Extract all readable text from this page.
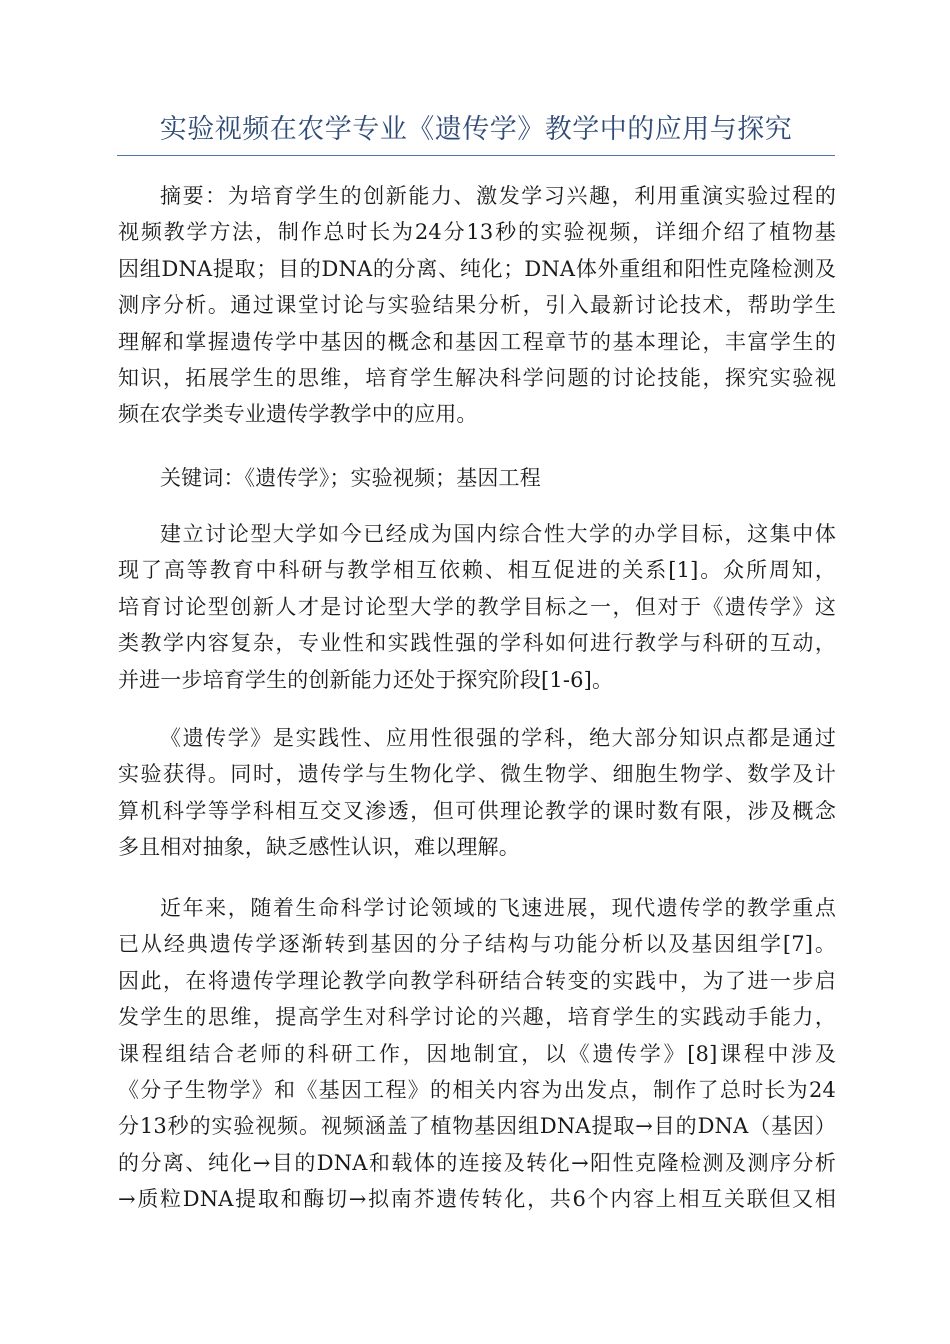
实验视频在农学专业《遗传学》教学中的应用与探究
摘要：为培育学生的创新能力、激发学习兴趣，利用重演实验过程的
视频教学方法，制作总时长为24分13秒的实验视频，详细介绍了植物基
因组DNA提取；目的DNA的分离、纯化；DNA体外重组和阳性克隆检测及
测序分析。通过课堂讨论与实验结果分析，引入最新讨论技术，帮助学生
理解和掌握遗传学中基因的概念和基因工程章节的基本理论，丰富学生的
知识，拓展学生的思维，培育学生解决科学问题的讨论技能，探究实验视
频在农学类专业遗传学教学中的应用。
关键词：《遗传学》；实验视频；基因工程
建立讨论型大学如今已经成为国内综合性大学的办学目标，这集中体
现了高等教育中科研与教学相互依赖、相互促进的关系[1]。众所周知，
培育讨论型创新人才是讨论型大学的教学目标之一，但对于《遗传学》这
类教学内容复杂，专业性和实践性强的学科如何进行教学与科研的互动，
并进一步培育学生的创新能力还处于探究阶段[1-6]。
《遗传学》是实践性、应用性很强的学科，绝大部分知识点都是通过
实验获得。同时，遗传学与生物化学、微生物学、细胞生物学、数学及计
算机科学等学科相互交叉渗透，但可供理论教学的课时数有限，涉及概念
多且相对抽象，缺乏感性认识，难以理解。
近年来，随着生命科学讨论领域的飞速进展，现代遗传学的教学重点
已从经典遗传学逐渐转到基因的分子结构与功能分析以及基因组学[7]。
因此，在将遗传学理论教学向教学科研结合转变的实践中，为了进一步启
发学生的思维，提高学生对科学讨论的兴趣，培育学生的实践动手能力，
课程组结合老师的科研工作，因地制宜，以《遗传学》[8]课程中涉及
《分子生物学》和《基因工程》的相关内容为出发点，制作了总时长为24
分13秒的实验视频。视频涵盖了植物基因组DNA提取→目的DNA（基因）
的分离、纯化→目的DNA和载体的连接及转化→阳性克隆检测及测序分析
→质粒DNA提取和酶切→拟南芥遗传转化，共6个内容上相互关联但又相
